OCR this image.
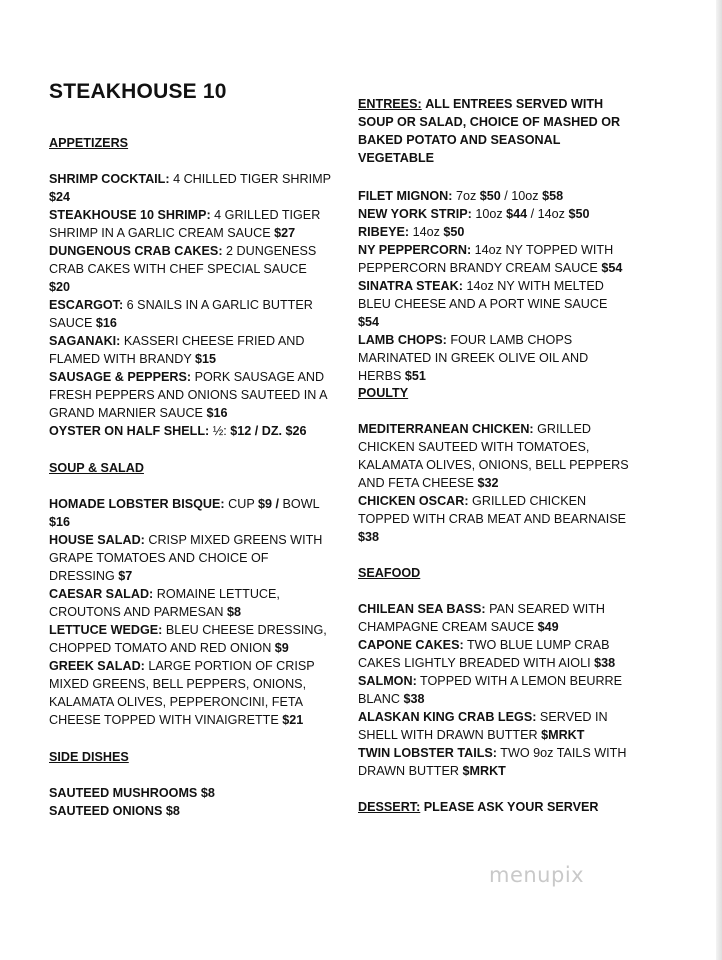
STEAKHOUSE 10
APPETIZERS

SHRIMP COCKTAIL: 4 CHILLED TIGER SHRIMP $24

STEAKHOUSE 10 SHRIMP: 4 GRILLED TIGER SHRIMP IN A GARLIC CREAM SAUCE $27

DUNGENOUS CRAB CAKES: 2 DUNGENESS CRAB CAKES WITH CHEF SPECIAL SAUCE $20

ESCARGOT: 6 SNAILS IN A GARLIC BUTTER SAUCE $16

SAGANAKI: KASSERI CHEESE FRIED AND FLAMED WITH BRANDY $15

SAUSAGE & PEPPERS: PORK SAUSAGE AND FRESH PEPPERS AND ONIONS SAUTEED IN A GRAND MARNIER SAUCE $16

OYSTER ON HALF SHELL: ½: $12 / DZ. $26

SOUP & SALAD

HOMADE LOBSTER BISQUE: CUP $9 / BOWL $16

HOUSE SALAD: CRISP MIXED GREENS WITH GRAPE TOMATOES AND CHOICE OF DRESSING $7

CAESAR SALAD: ROMAINE LETTUCE, CROUTONS AND PARMESAN $8

LETTUCE WEDGE: BLEU CHEESE DRESSING, CHOPPED TOMATO AND RED ONION $9

GREEK SALAD: LARGE PORTION OF CRISP MIXED GREENS, BELL PEPPERS, ONIONS, KALAMATA OLIVES, PEPPERONCINI, FETA CHEESE TOPPED WITH VINAIGRETTE $21

SIDE DISHES

SAUTEED MUSHROOMS $8

SAUTEED ONIONS $8

ENTREES: ALL ENTREES SERVED WITH SOUP OR SALAD, CHOICE OF MASHED OR BAKED POTATO AND SEASONAL VEGETABLE

FILET MIGNON: 7oz $50 / 10oz $58

NEW YORK STRIP: 10oz $44 / 14oz $50

RIBEYE: 14oz $50

NY PEPPERCORN: 14oz NY TOPPED WITH PEPPERCORN BRANDY CREAM SAUCE $54

SINATRA STEAK: 14oz NY WITH MELTED BLEU CHEESE AND A PORT WINE SAUCE $54

LAMB CHOPS: FOUR LAMB CHOPS MARINATED IN GREEK OLIVE OIL AND HERBS $51

POULTY

MEDITERRANEAN CHICKEN: GRILLED CHICKEN SAUTEED WITH TOMATOES, KALAMATA OLIVES, ONIONS, BELL PEPPERS AND FETA CHEESE $32

CHICKEN OSCAR: GRILLED CHICKEN TOPPED WITH CRAB MEAT AND BEARNAISE $38

SEAFOOD

CHILEAN SEA BASS: PAN SEARED WITH CHAMPAGNE CREAM SAUCE $49

CAPONE CAKES: TWO BLUE LUMP CRAB CAKES LIGHTLY BREADED WITH AIOLI $38

SALMON: TOPPED WITH A LEMON BEURRE BLANC $38

ALASKAN KING CRAB LEGS: SERVED IN SHELL WITH DRAWN BUTTER $MRKT

TWIN LOBSTER TAILS: TWO 9oz TAILS WITH DRAWN BUTTER $MRKT

DESSERT: PLEASE ASK YOUR SERVER

menupix
